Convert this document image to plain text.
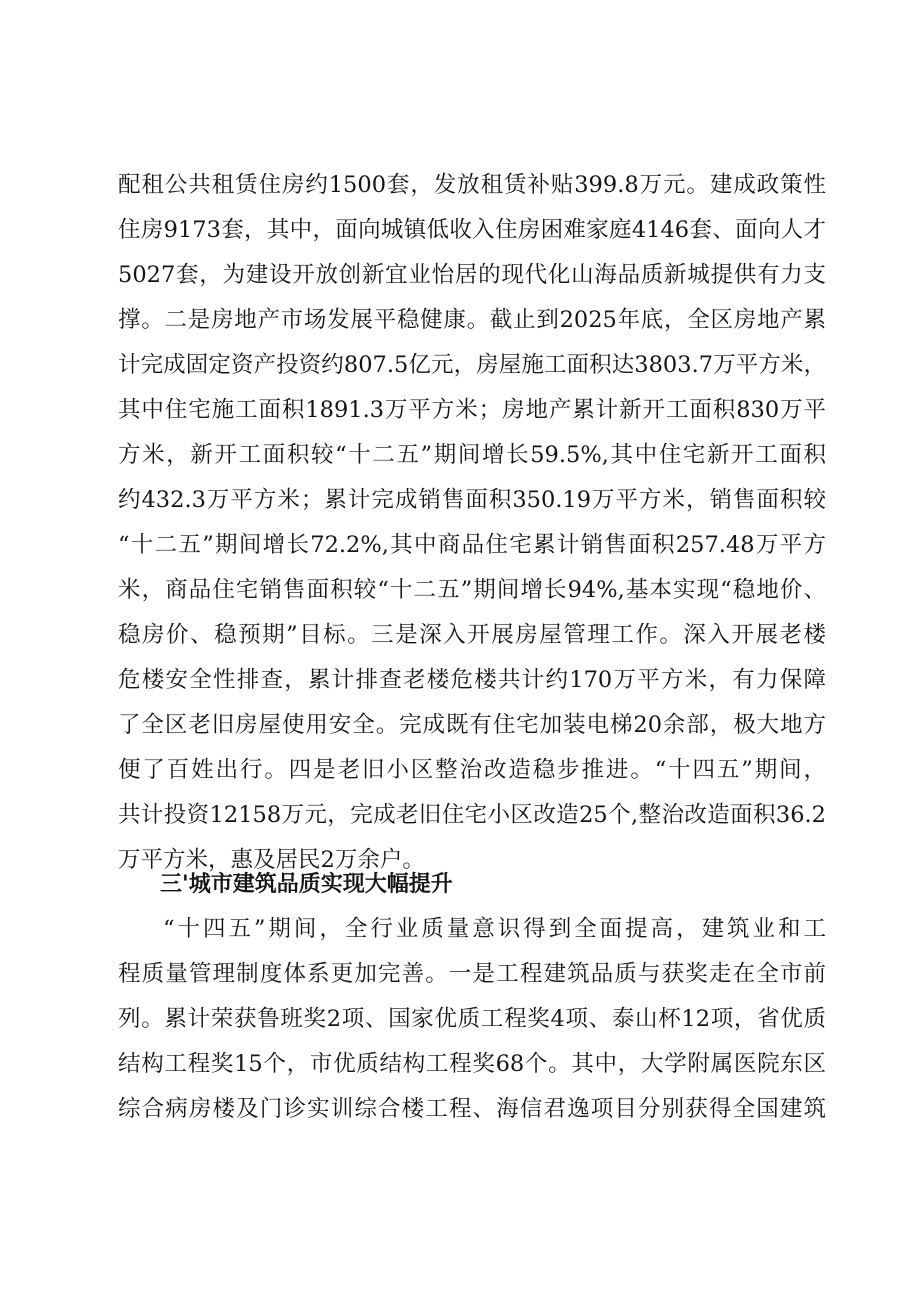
配租公共租赁住房约1500套，发放租赁补贴399.8万元。建成政策性
住房9173套，其中，面向城镇低收入住房困难家庭4146套、面向人才
5027套，为建设开放创新宜业怡居的现代化山海品质新城提供有力支
撑。二是房地产市场发展平稳健康。截止到2025年底，全区房地产累
计完成固定资产投资约807.5亿元，房屋施工面积达3803.7万平方米，
其中住宅施工面积1891.3万平方米；房地产累计新开工面积830万平
方米，新开工面积较“十二五”期间增长59.5%,其中住宅新开工面积
约432.3万平方米；累计完成销售面积350.19万平方米，销售面积较
“十二五”期间增长72.2%,其中商品住宅累计销售面积257.48万平方
米，商品住宅销售面积较“十二五”期间增长94%,基本实现“稳地价、
稳房价、稳预期”目标。三是深入开展房屋管理工作。深入开展老楼
危楼安全性排查，累计排查老楼危楼共计约170万平方米，有力保障
了全区老旧房屋使用安全。完成既有住宅加装电梯20余部，极大地方
便了百姓出行。四是老旧小区整治改造稳步推进。“十四五”期间，
共计投资12158万元，完成老旧住宅小区改造25个,整治改造面积36.2
万平方米，惠及居民2万余户。
三'城市建筑品质实现大幅提升
“十四五”期间，全行业质量意识得到全面提高，建筑业和工
程质量管理制度体系更加完善。一是工程建筑品质与获奖走在全市前
列。累计荣获鲁班奖2项、国家优质工程奖4项、泰山杯12项，省优质
结构工程奖15个，市优质结构工程奖68个。其中，大学附属医院东区
综合病房楼及门诊实训综合楼工程、海信君逸项目分别获得全国建筑
